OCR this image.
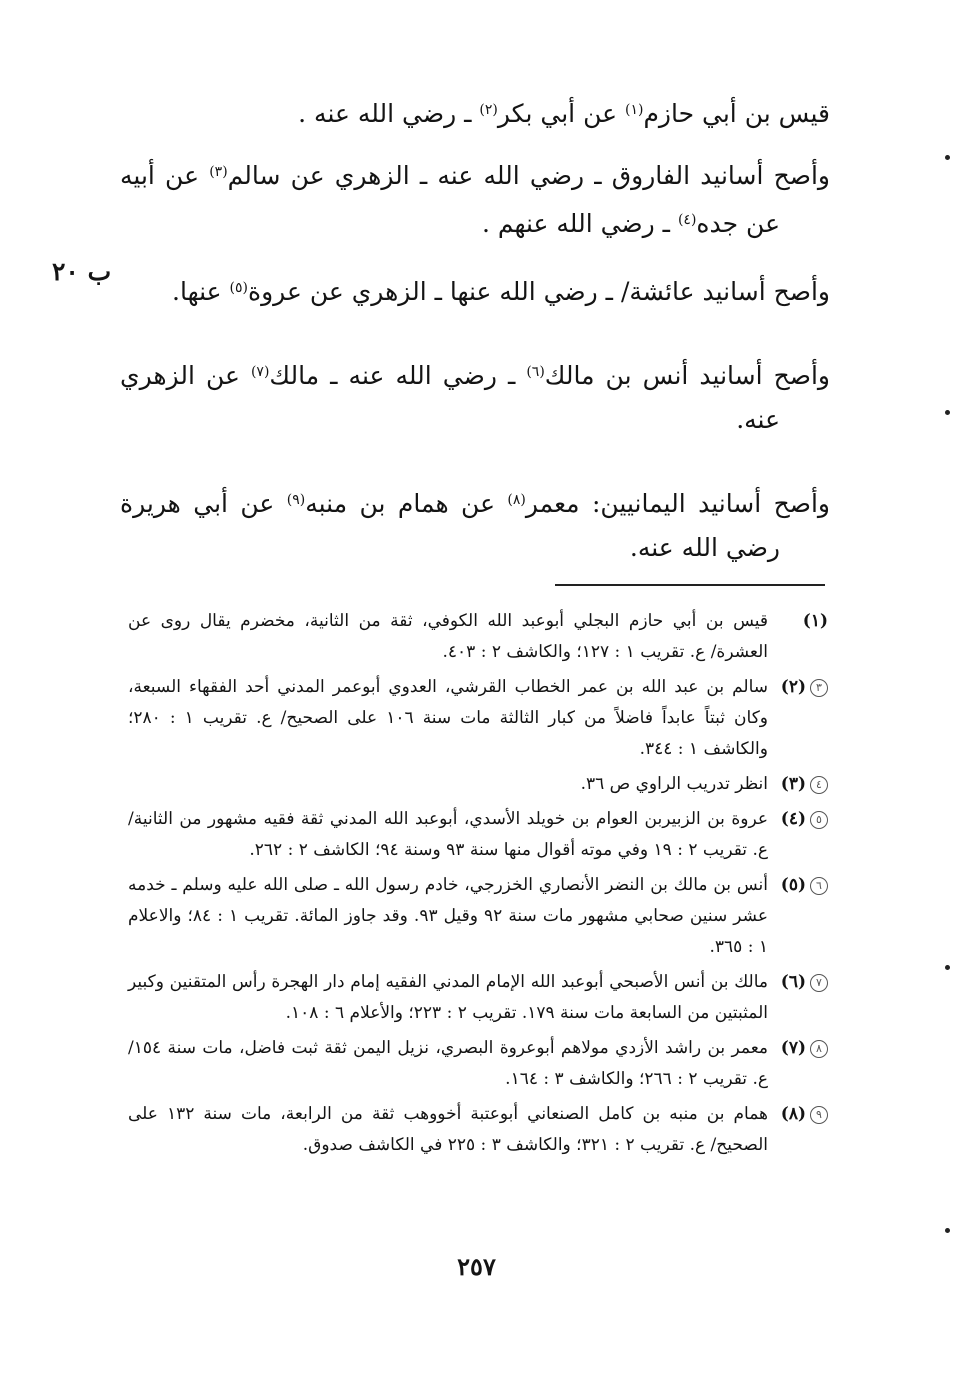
قيس بن أبي حازم$^{(١)}$ عن أبي بكر$^{(٢)}$ ـ رضي الله عنه .

وأصح أسانيد الفاروق ـ رضي الله عنه ـ الزهري عن سالم$^{(٣)}$ عن أبيه عن جده$^{(٤)}$ ـ رضي الله عنهم .

وأصح أسانيد عائشة/ ـ رضي الله عنها ـ الزهري عن عروة$^{(٥)}$ عنها.

وأصح أسانيد أنس بن مالك$^{(٦)}$ ـ رضي الله عنه ـ مالك$^{(٧)}$ عن الزهري عنه.

وأصح أسانيد اليمانيين: معمر$^{(٨)}$ عن همام بن منبه$^{(٩)}$ عن أبي هريرة رضي الله عنه.

ب ٢٠
(١)
قيس بن أبي حازم البجلي أبوعبد الله الكوفي، ثقة من الثانية، مخضرم يقال روى عن العشرة/ ع. تقريب ١ : ١٢٧؛ والكاشف ٢ : ٤٠٣.
٣(٢)
سالم بن عبد الله بن عمر الخطاب القرشي، العدوي أبوعمر المدني أحد الفقهاء السبعة، وكان ثبتاً عابداً فاضلاً من كبار الثالثة مات سنة ١٠٦ على الصحيح/ ع. تقريب ١ : ٢٨٠؛ والكاشف ١ : ٣٤٤.
٤(٣)
انظر تدريب الراوي ص ٣٦.
٥(٤)
عروة بن الزبيربن العوام بن خويلد الأسدي، أبوعبد الله المدني ثقة فقيه مشهور من الثانية/ ع. تقريب ٢ : ١٩ وفي موته أقوال منها سنة ٩٣ وسنة ٩٤؛ الكاشف ٢ : ٢٦٢.
٦(٥)
أنس بن مالك بن النضر الأنصاري الخزرجي، خادم رسول الله ـ صلى الله عليه وسلم ـ خدمه عشر سنين صحابي مشهور مات سنة ٩٢ وقيل ٩٣. وقد جاوز المائة. تقريب ١ : ٨٤؛ والاعلام ١ : ٣٦٥.
٧(٦)
مالك بن أنس الأصبحي أبوعبد الله الإمام المدني الفقيه إمام دار الهجرة رأس المتقنين وكبير المثبتين من السابعة مات سنة ١٧٩. تقريب ٢ : ٢٢٣؛ والأعلام ٦ : ١٠٨.
٨(٧)
معمر بن راشد الأزدي مولاهم أبوعروة البصري، نزيل اليمن ثقة ثبت فاضل، مات سنة ١٥٤/ ع. تقريب ٢ : ٢٦٦؛ والكاشف ٣ : ١٦٤.
٩(٨)
همام بن منبه بن كامل الصنعاني أبوعتبة أخووهب ثقة من الرابعة، مات سنة ١٣٢ على الصحيح/ ع. تقريب ٢ : ٣٢١؛ والكاشف ٣ : ٢٢٥ في الكاشف صدوق.
٢٥٧
